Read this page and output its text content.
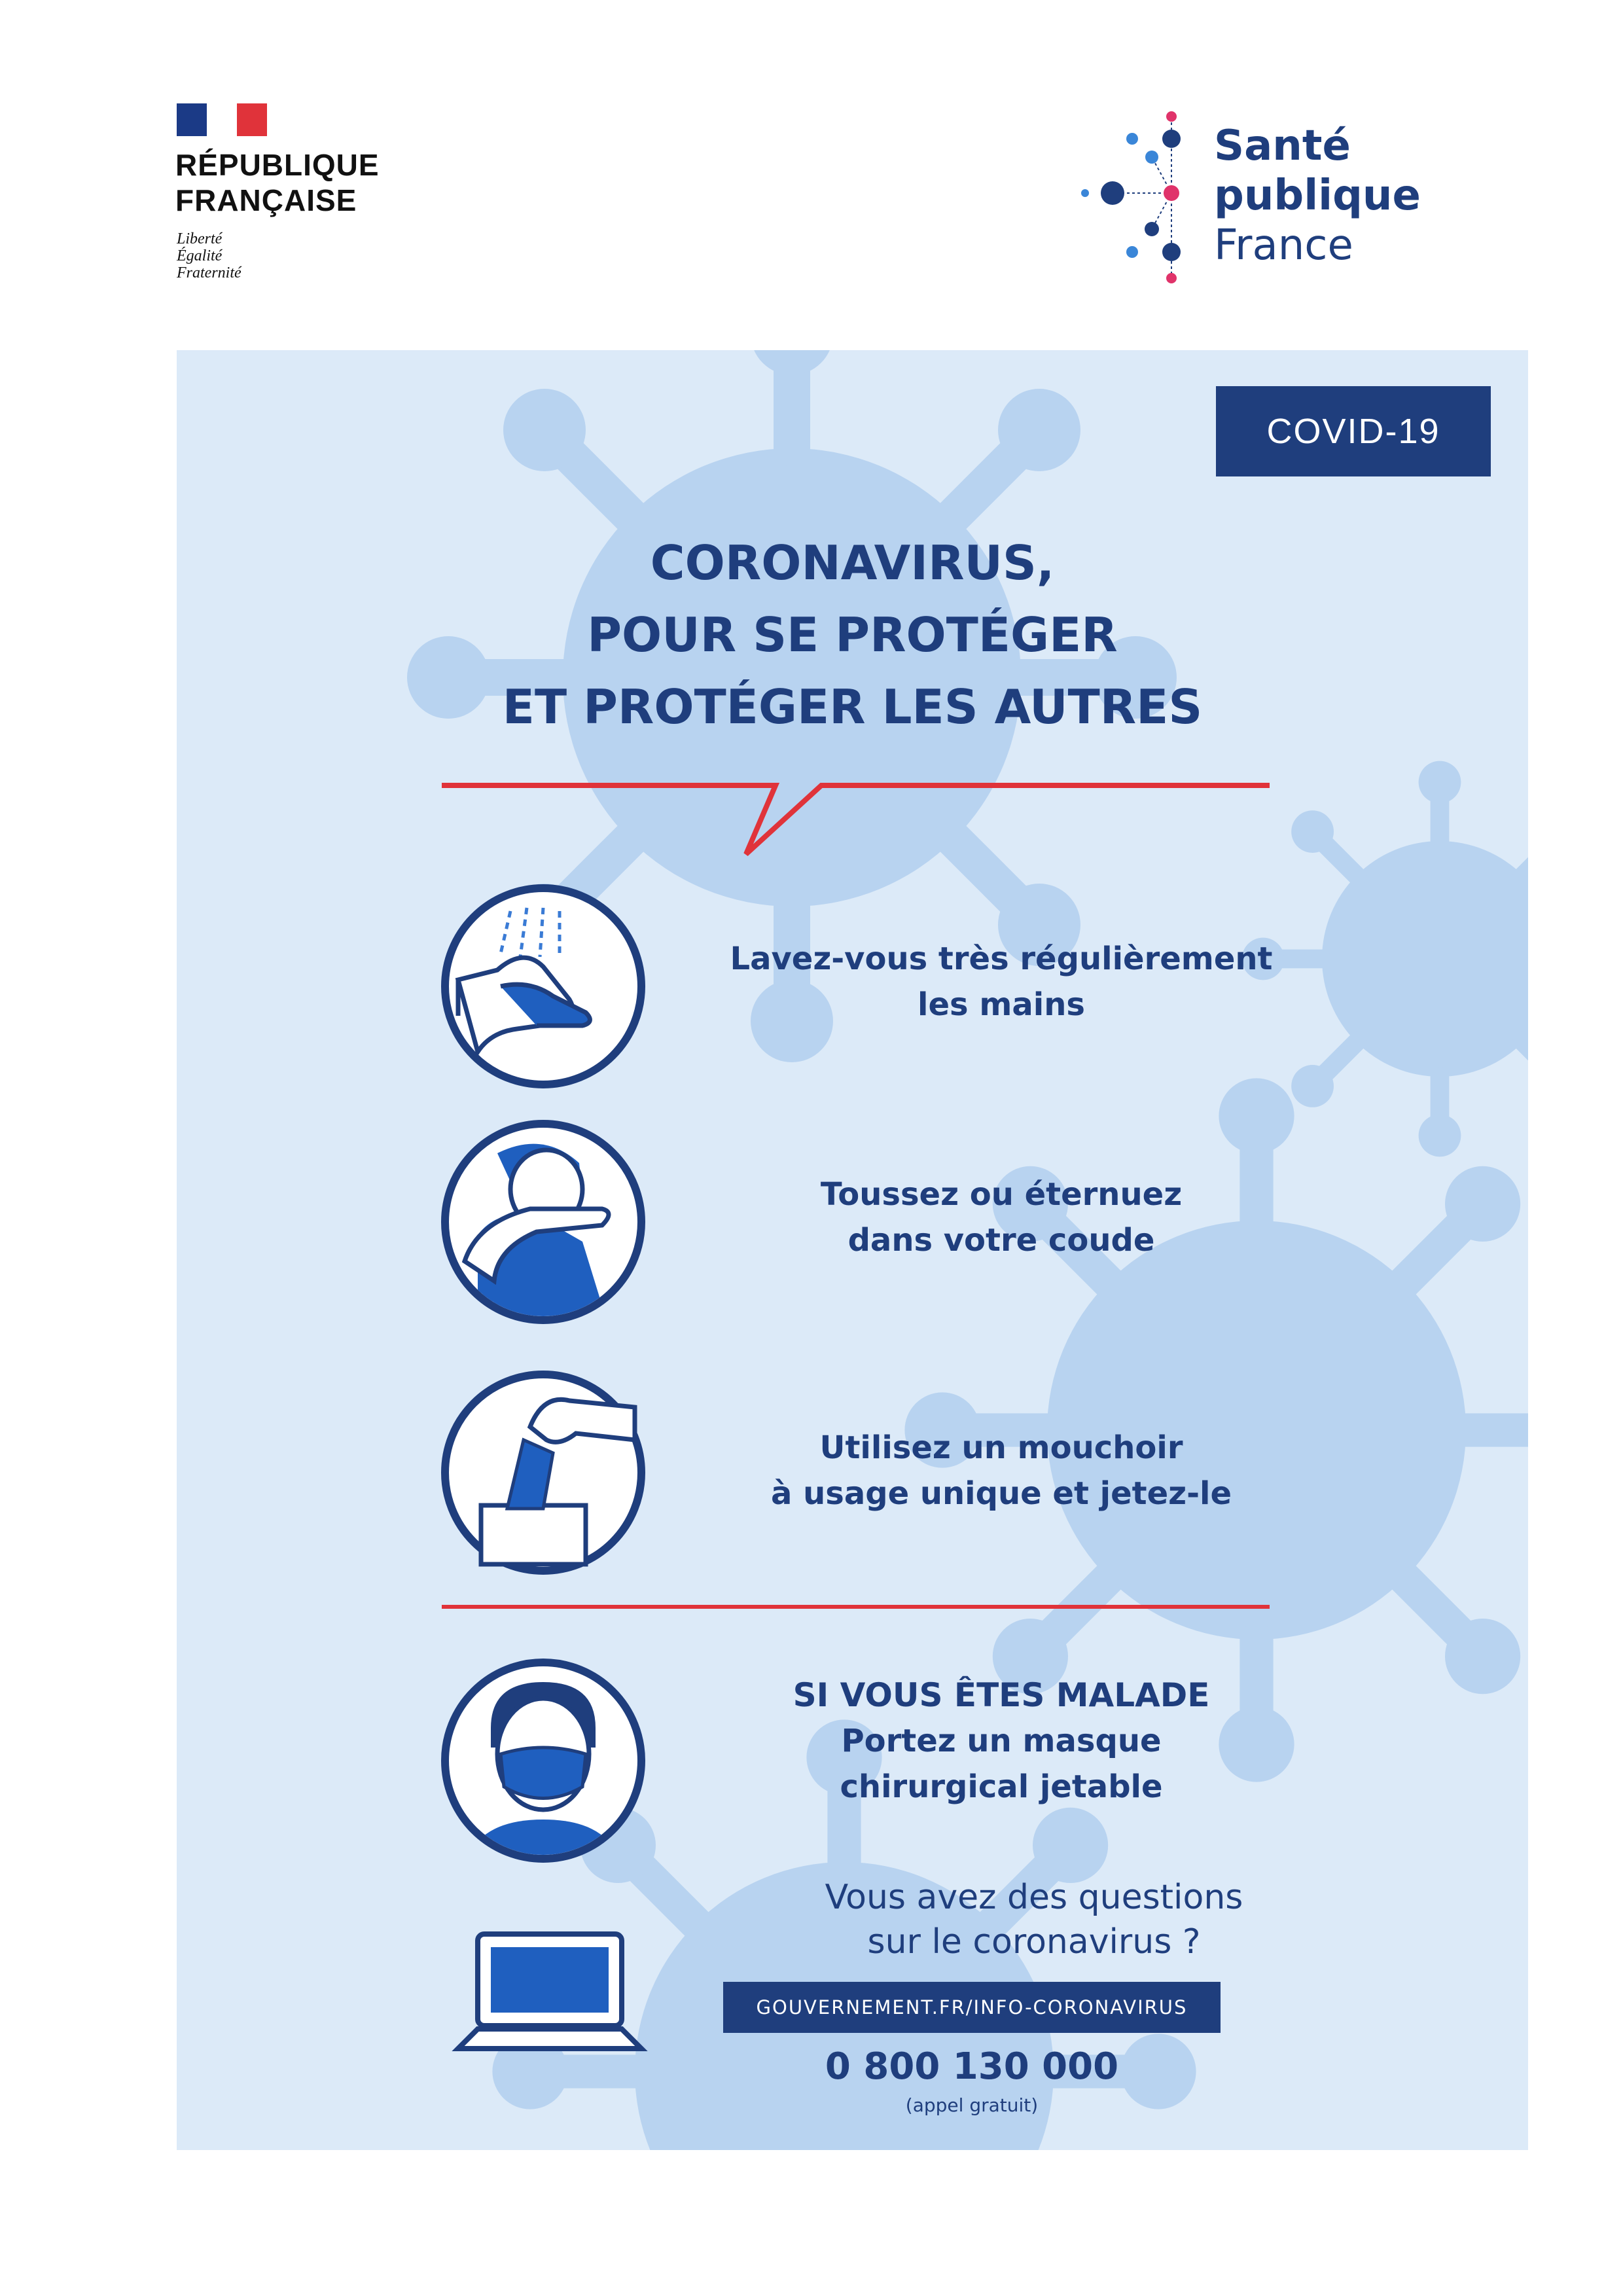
RÉPUBLIQUE
FRANÇAISE
Liberté
Égalité
Fraternité
Santé
publique
France
COVID-19
CORONAVIRUS,
POUR SE PROTÉGER
ET PROTÉGER LES AUTRES
Lavez-vous très régulièrement
les mains
Toussez ou éternuez
dans votre coude
Utilisez un mouchoir
à usage unique et jetez-le
SI VOUS ÊTES MALADE
Portez un masque
chirurgical jetable
Vous avez des questions
sur le coronavirus ?
GOUVERNEMENT.FR/INFO-CORONAVIRUS
0 800 130 000
(appel gratuit)
